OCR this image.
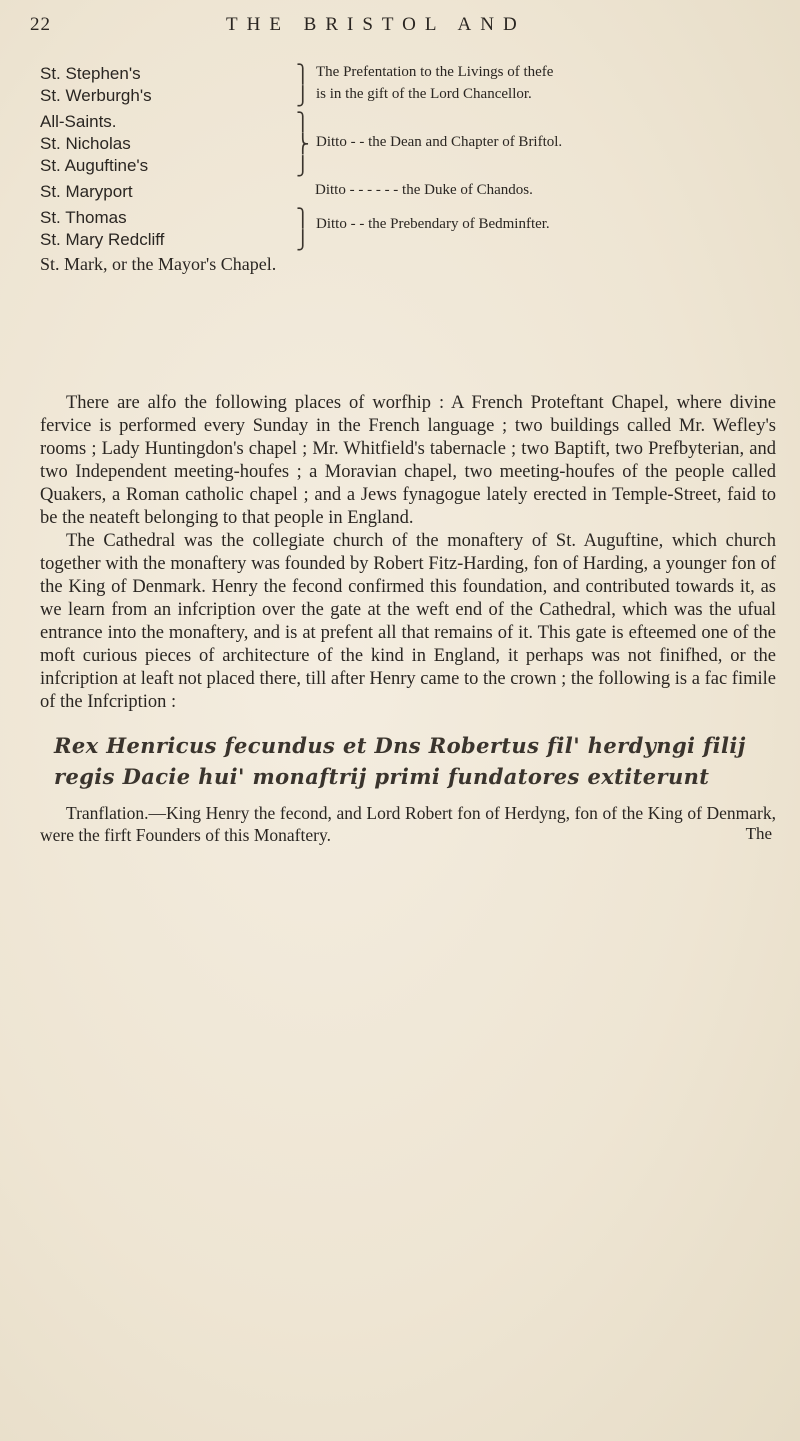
22	THE BRISTOL AND
St. Stephen's	⎫ The Prefentation to the Livings of thefe
St. Werburgh's	⎭ is in the gift of the Lord Chancellor.
All-Saints.	⎫
St. Nicholas	⎬ Ditto - - the Dean and Chapter of Briftol.
St. Auguftine's	⎭
St. Maryport	Ditto - - - - - - the Duke of Chandos.
St. Thomas	⎫ Ditto - - the Prebendary of Bedminfter.
St. Mary Redcliff	⎭
St. Mark, or the Mayor's Chapel.

There are alfo the following places of worfhip : A French Proteftant Chapel, where divine fervice is performed every Sunday in the French language ; two buildings called Mr. Wefley's rooms ; Lady Huntingdon's chapel ; Mr. Whitfield's tabernacle ; two Baptift, two Prefbyterian, and two Independent meeting-houfes ; a Moravian chapel, two meeting-houfes of the people called Quakers, a Roman catholic chapel ; and a Jews fynagogue lately erected in Temple-Street, faid to be the neateft belonging to that people in England.

The Cathedral was the collegiate church of the monaftery of St. Auguftine, which church together with the monaftery was founded by Robert Fitz-Harding, fon of Harding, a younger fon of the King of Denmark. Henry the fecond confirmed this foundation, and contributed towards it, as we learn from an infcription over the gate at the weft end of the Cathedral, which was the ufual entrance into the monaftery, and is at prefent all that remains of it. This gate is efteemed one of the moft curious pieces of architecture of the kind in England, it perhaps was not finifhed, or the infcription at leaft not placed there, till after Henry came to the crown ; the following is a fac fimile of the Infcription :

Rex Henricus fecundus et Dns Robertus fil' herdyngi filij
regis Dacie hui' monaftrij primi fundatores extiterunt
Tranflation.—King Henry the fecond, and Lord Robert fon of Herdyng, fon of the King of Denmark, were the firft Founders of this Monaftery.	The
